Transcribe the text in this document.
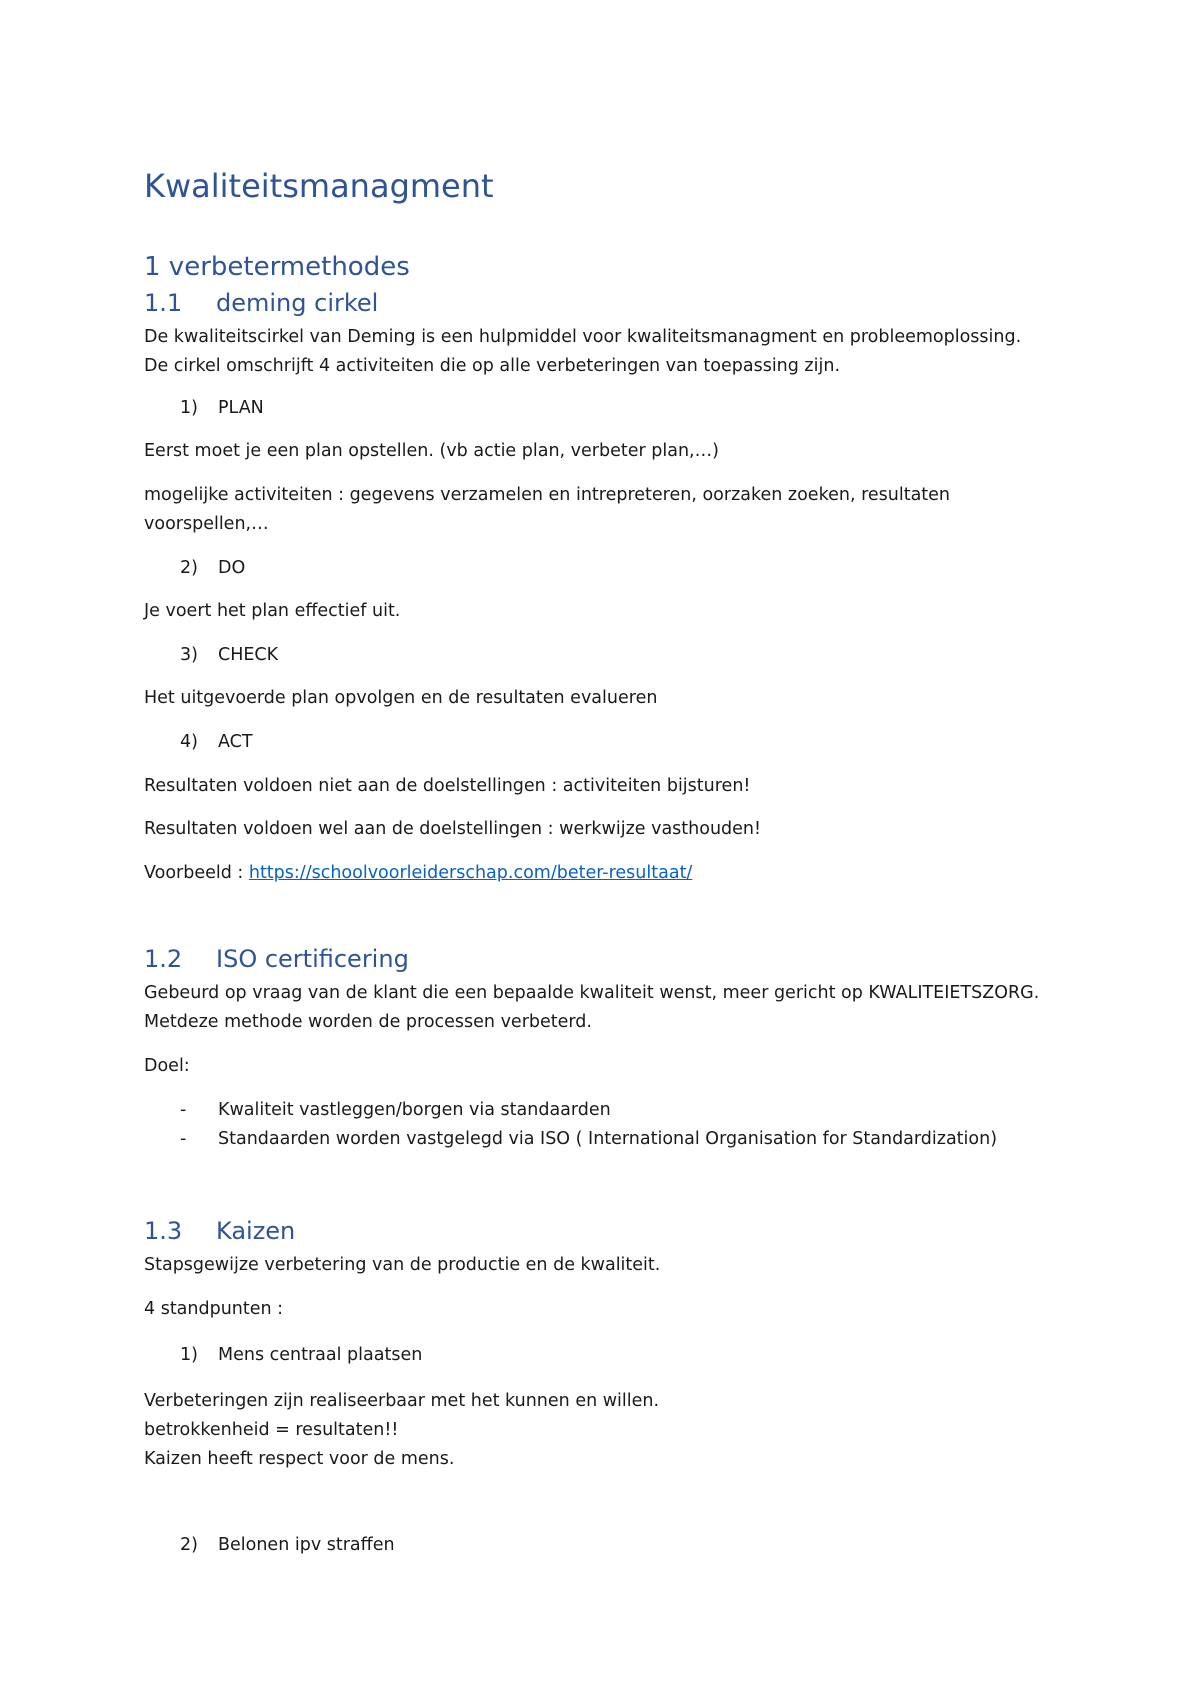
Kwaliteitsmanagment
1 verbetermethodes
1.1 deming cirkel
De kwaliteitscirkel van Deming is een hulpmiddel voor kwaliteitsmanagment en probleemoplossing.
De cirkel omschrijft 4 activiteiten die op alle verbeteringen van toepassing zijn.
1) PLAN
Eerst moet je een plan opstellen. (vb actie plan, verbeter plan,…)
mogelijke activiteiten : gegevens verzamelen en intrepreteren, oorzaken zoeken, resultaten
voorspellen,…
2) DO
Je voert het plan effectief uit.
3) CHECK
Het uitgevoerde plan opvolgen en de resultaten evalueren
4) ACT
Resultaten voldoen niet aan de doelstellingen : activiteiten bijsturen!
Resultaten voldoen wel aan de doelstellingen : werkwijze vasthouden!
Voorbeeld : https://schoolvoorleiderschap.com/beter-resultaat/
1.2 ISO certificering
Gebeurd op vraag van de klant die een bepaalde kwaliteit wenst, meer gericht op KWALITEIETSZORG.
Metdeze methode worden de processen verbeterd.
Doel:
- Kwaliteit vastleggen/borgen via standaarden
- Standaarden worden vastgelegd via ISO ( International Organisation for Standardization)
1.3 Kaizen
Stapsgewijze verbetering van de productie en de kwaliteit.
4 standpunten :
1) Mens centraal plaatsen
Verbeteringen zijn realiseerbaar met het kunnen en willen.
betrokkenheid = resultaten!!
Kaizen heeft respect voor de mens.
2) Belonen ipv straffen
